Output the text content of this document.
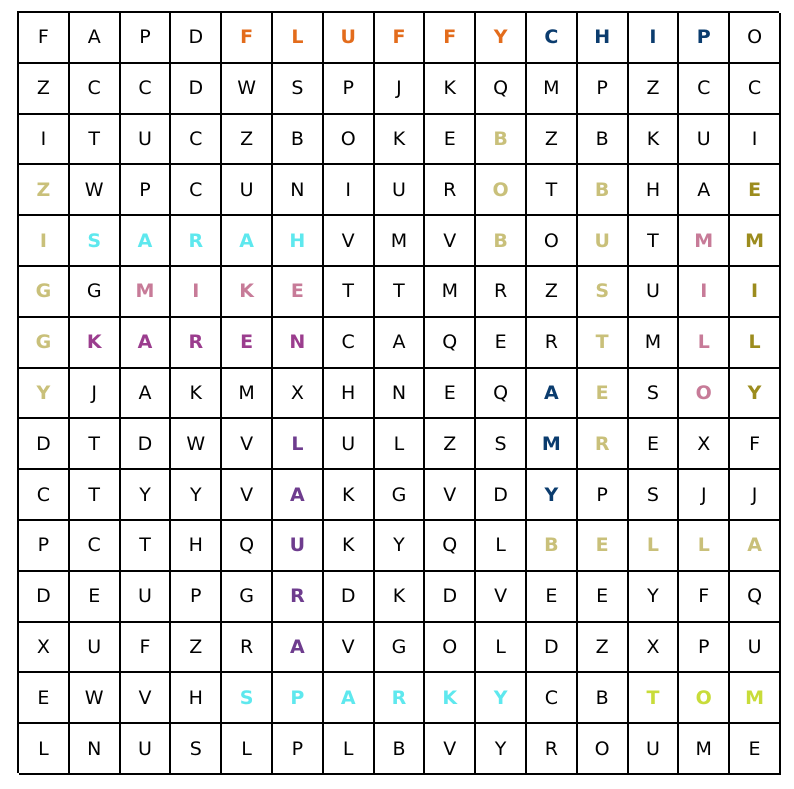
F	A	P	D	F	L	U	F	F	Y	C	H	I	P	O
Z	C	C	D	W	S	P	J	K	Q	M	P	Z	C	C
I	T	U	C	Z	B	O	K	E	B	Z	B	K	U	I
Z	W	P	C	U	N	I	U	R	O	T	B	H	A	E
I	S	A	R	A	H	V	M	V	B	O	U	T	M	M
G	G	M	I	K	E	T	T	M	R	Z	S	U	I	I
G	K	A	R	E	N	C	A	Q	E	R	T	M	L	L
Y	J	A	K	M	X	H	N	E	Q	A	E	S	O	Y
D	T	D	W	V	L	U	L	Z	S	M	R	E	X	F
C	T	Y	Y	V	A	K	G	V	D	Y	P	S	J	J
P	C	T	H	Q	U	K	Y	Q	L	B	E	L	L	A
D	E	U	P	G	R	D	K	D	V	E	E	Y	F	Q
X	U	F	Z	R	A	V	G	O	L	D	Z	X	P	U
E	W	V	H	S	P	A	R	K	Y	C	B	T	O	M
L	N	U	S	L	P	L	B	V	Y	R	O	U	M	E
